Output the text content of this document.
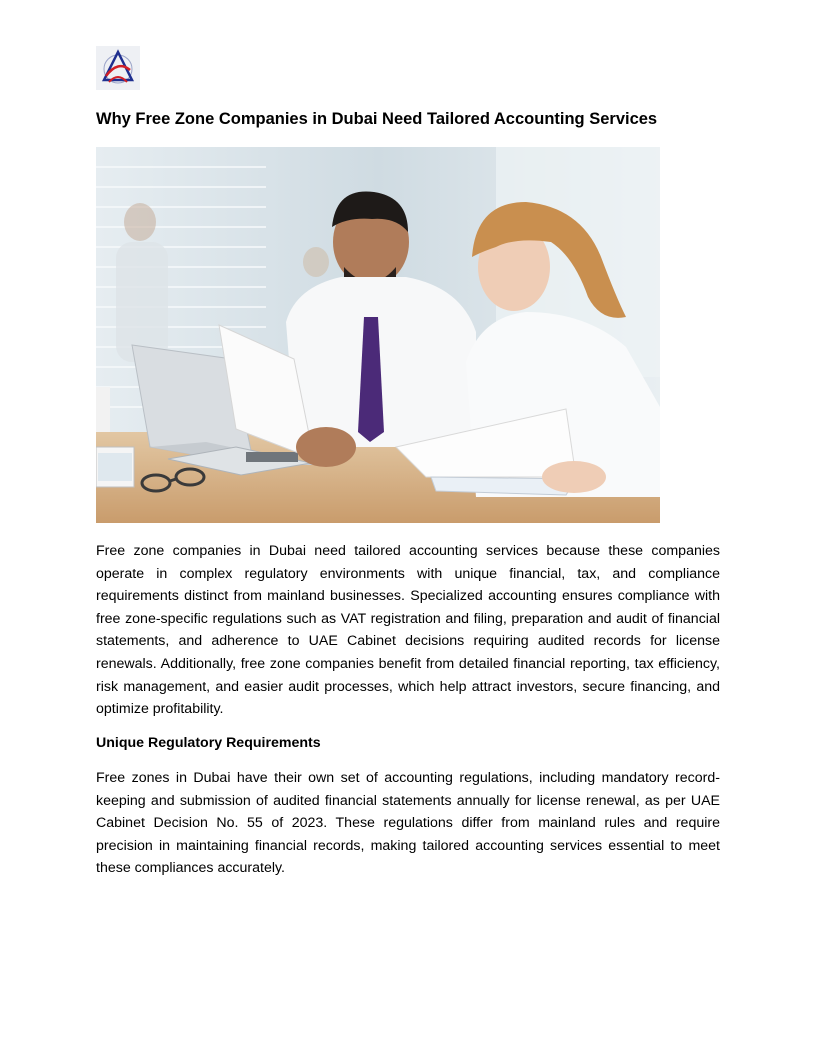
Why Free Zone Companies in Dubai Need Tailored Accounting Services

Free zone companies in Dubai need tailored accounting services because these companies operate in complex regulatory environments with unique financial, tax, and compliance requirements distinct from mainland businesses. Specialized accounting ensures compliance with free zone-specific regulations such as VAT registration and filing, preparation and audit of financial statements, and adherence to UAE Cabinet decisions requiring audited records for license renewals. Additionally, free zone companies benefit from detailed financial reporting, tax efficiency, risk management, and easier audit processes, which help attract investors, secure financing, and optimize profitability.

Unique Regulatory Requirements

Free zones in Dubai have their own set of accounting regulations, including mandatory record-keeping and submission of audited financial statements annually for license renewal, as per UAE Cabinet Decision No. 55 of 2023. These regulations differ from mainland rules and require precision in maintaining financial records, making tailored accounting services essential to meet these compliances accurately.
